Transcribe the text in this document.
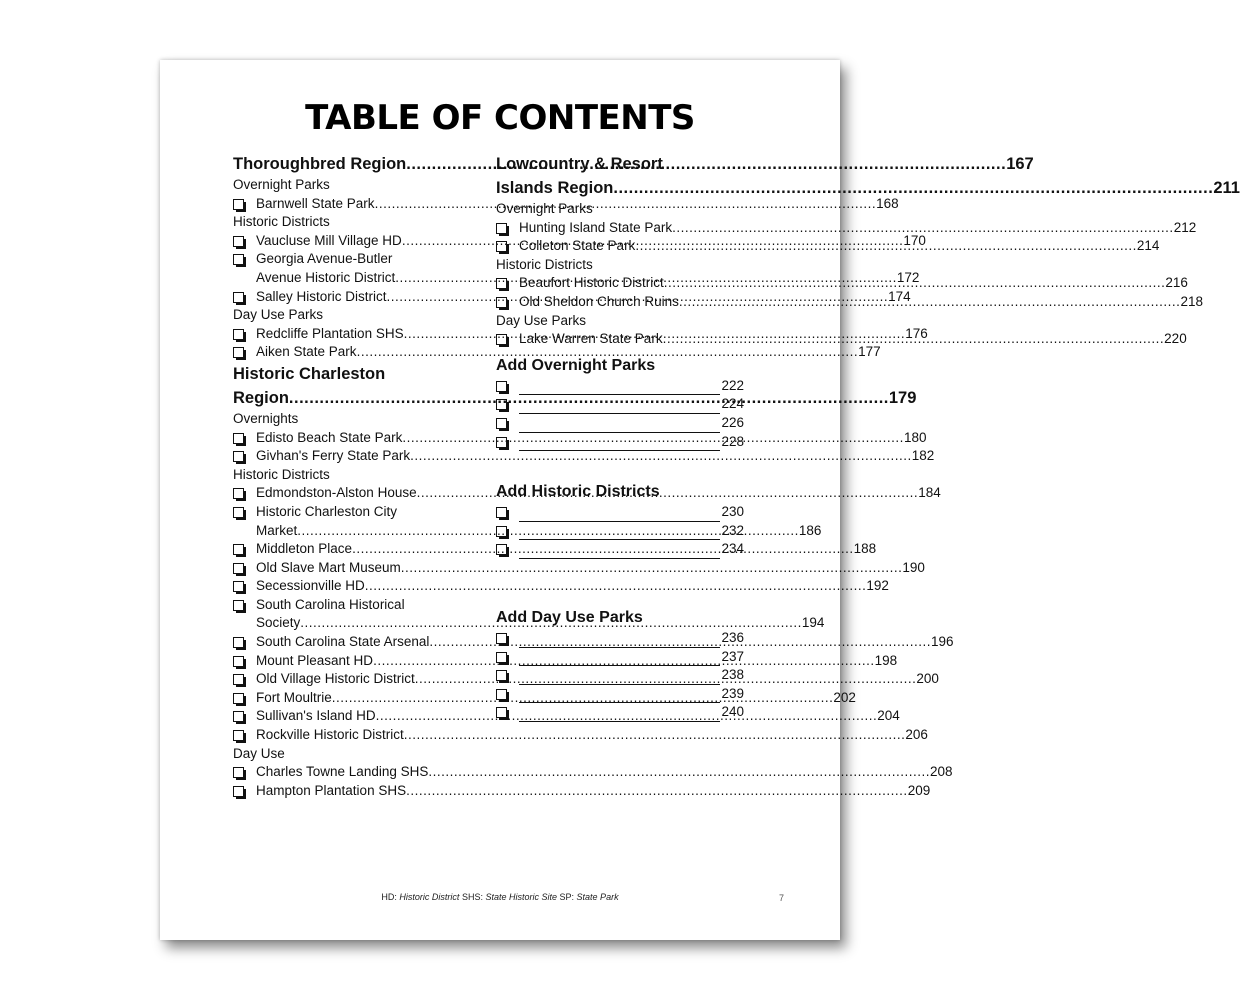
TABLE OF CONTENTS
Thoroughbred Region .....	167
Overnight Parks
Barnwell State Park .....	168
Historic Districts
Vaucluse Mill Village HD .....	170
Georgia Avenue-Butler
Avenue Historic District .....	172
Salley Historic District .....	174
Day Use Parks
Redcliffe Plantation SHS .....	176
Aiken State Park .....	177
Historic Charleston
Region .....	179
Overnights
Edisto Beach State Park .....	180
Givhan's Ferry State Park .....	182
Historic Districts
Edmondston-Alston House .....	184
Historic Charleston City
Market .....	186
Middleton Place .....	188
Old Slave Mart Museum .....	190
Secessionville HD .....	192
South Carolina Historical
Society .....	194
South Carolina State Arsenal .....	196
Mount Pleasant HD .....	198
Old Village Historic District .....	200
Fort Moultrie .....	202
Sullivan's Island HD .....	204
Rockville Historic District .....	206
Day Use
Charles Towne Landing SHS .....	208
Hampton Plantation SHS .....	209
Lowcountry & Resort
Islands Region .....	211
Overnight Parks
Hunting Island State Park .....	212
Colleton State Park .....	214
Historic Districts
Beaufort Historic District .....	216
Old Sheldon Church Ruins .....	218
Day Use Parks
Lake Warren State Park .....	220
Add Overnight Parks
222
224
226
228
Add Historic Districts
230
232
234
Add Day Use Parks
236
237
238
239
240
HD: Historic District SHS: State Historic Site SP: State Park	7
